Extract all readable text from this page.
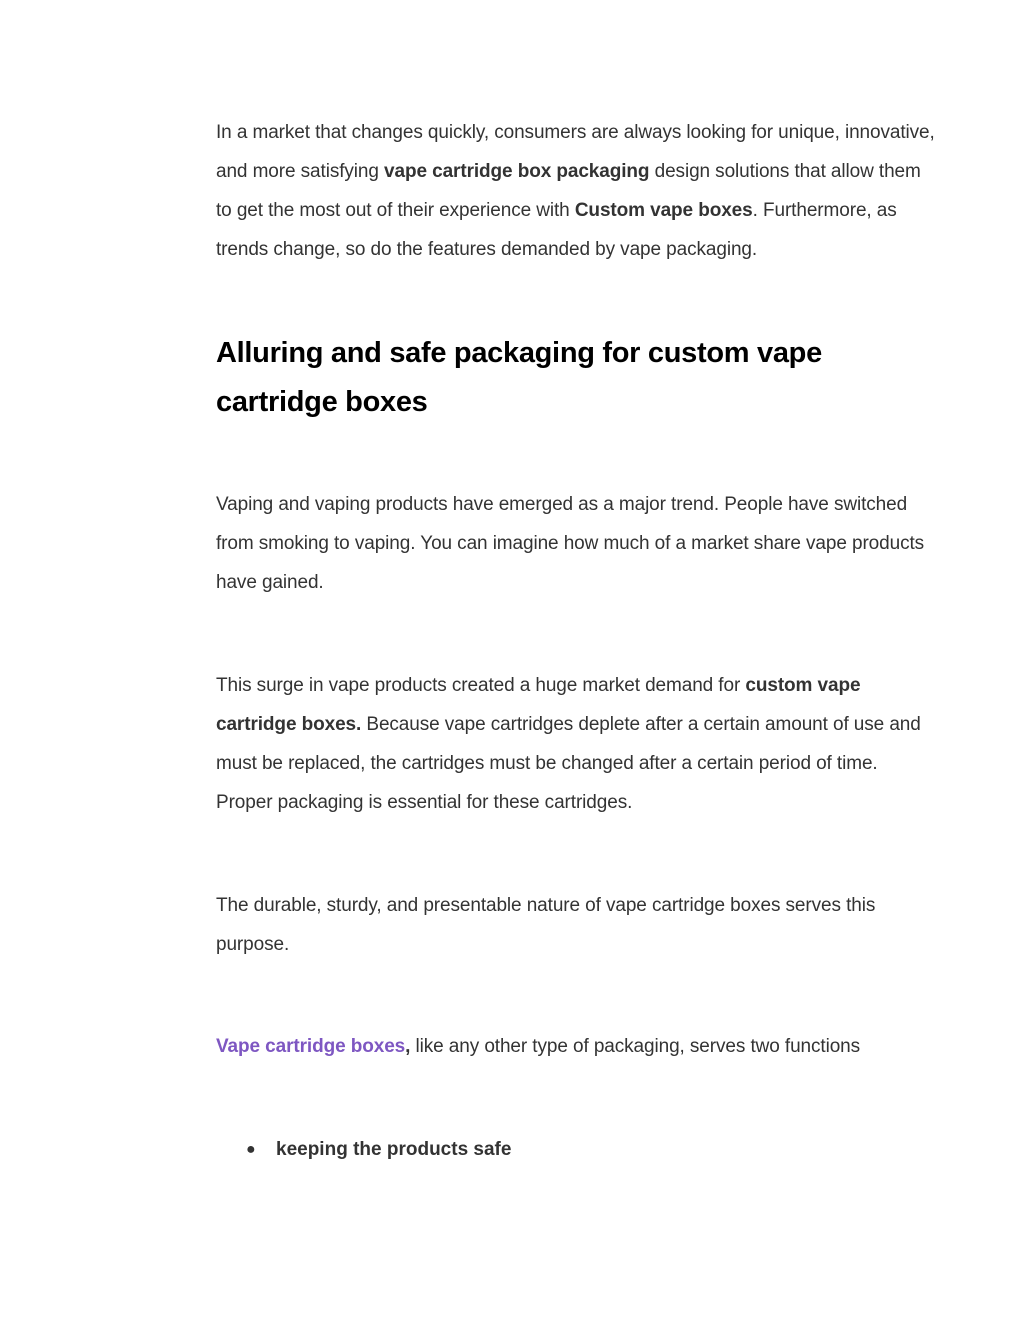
In a market that changes quickly, consumers are always looking for unique, innovative, and more satisfying vape cartridge box packaging design solutions that allow them to get the most out of their experience with Custom vape boxes. Furthermore, as trends change, so do the features demanded by vape packaging.

Alluring and safe packaging for custom vape cartridge boxes

Vaping and vaping products have emerged as a major trend. People have switched from smoking to vaping. You can imagine how much of a market share vape products have gained.

This surge in vape products created a huge market demand for custom vape cartridge boxes. Because vape cartridges deplete after a certain amount of use and must be replaced, the cartridges must be changed after a certain period of time. Proper packaging is essential for these cartridges.

The durable, sturdy, and presentable nature of vape cartridge boxes serves this purpose.

Vape cartridge boxes, like any other type of packaging, serves two functions

● keeping the products safe
